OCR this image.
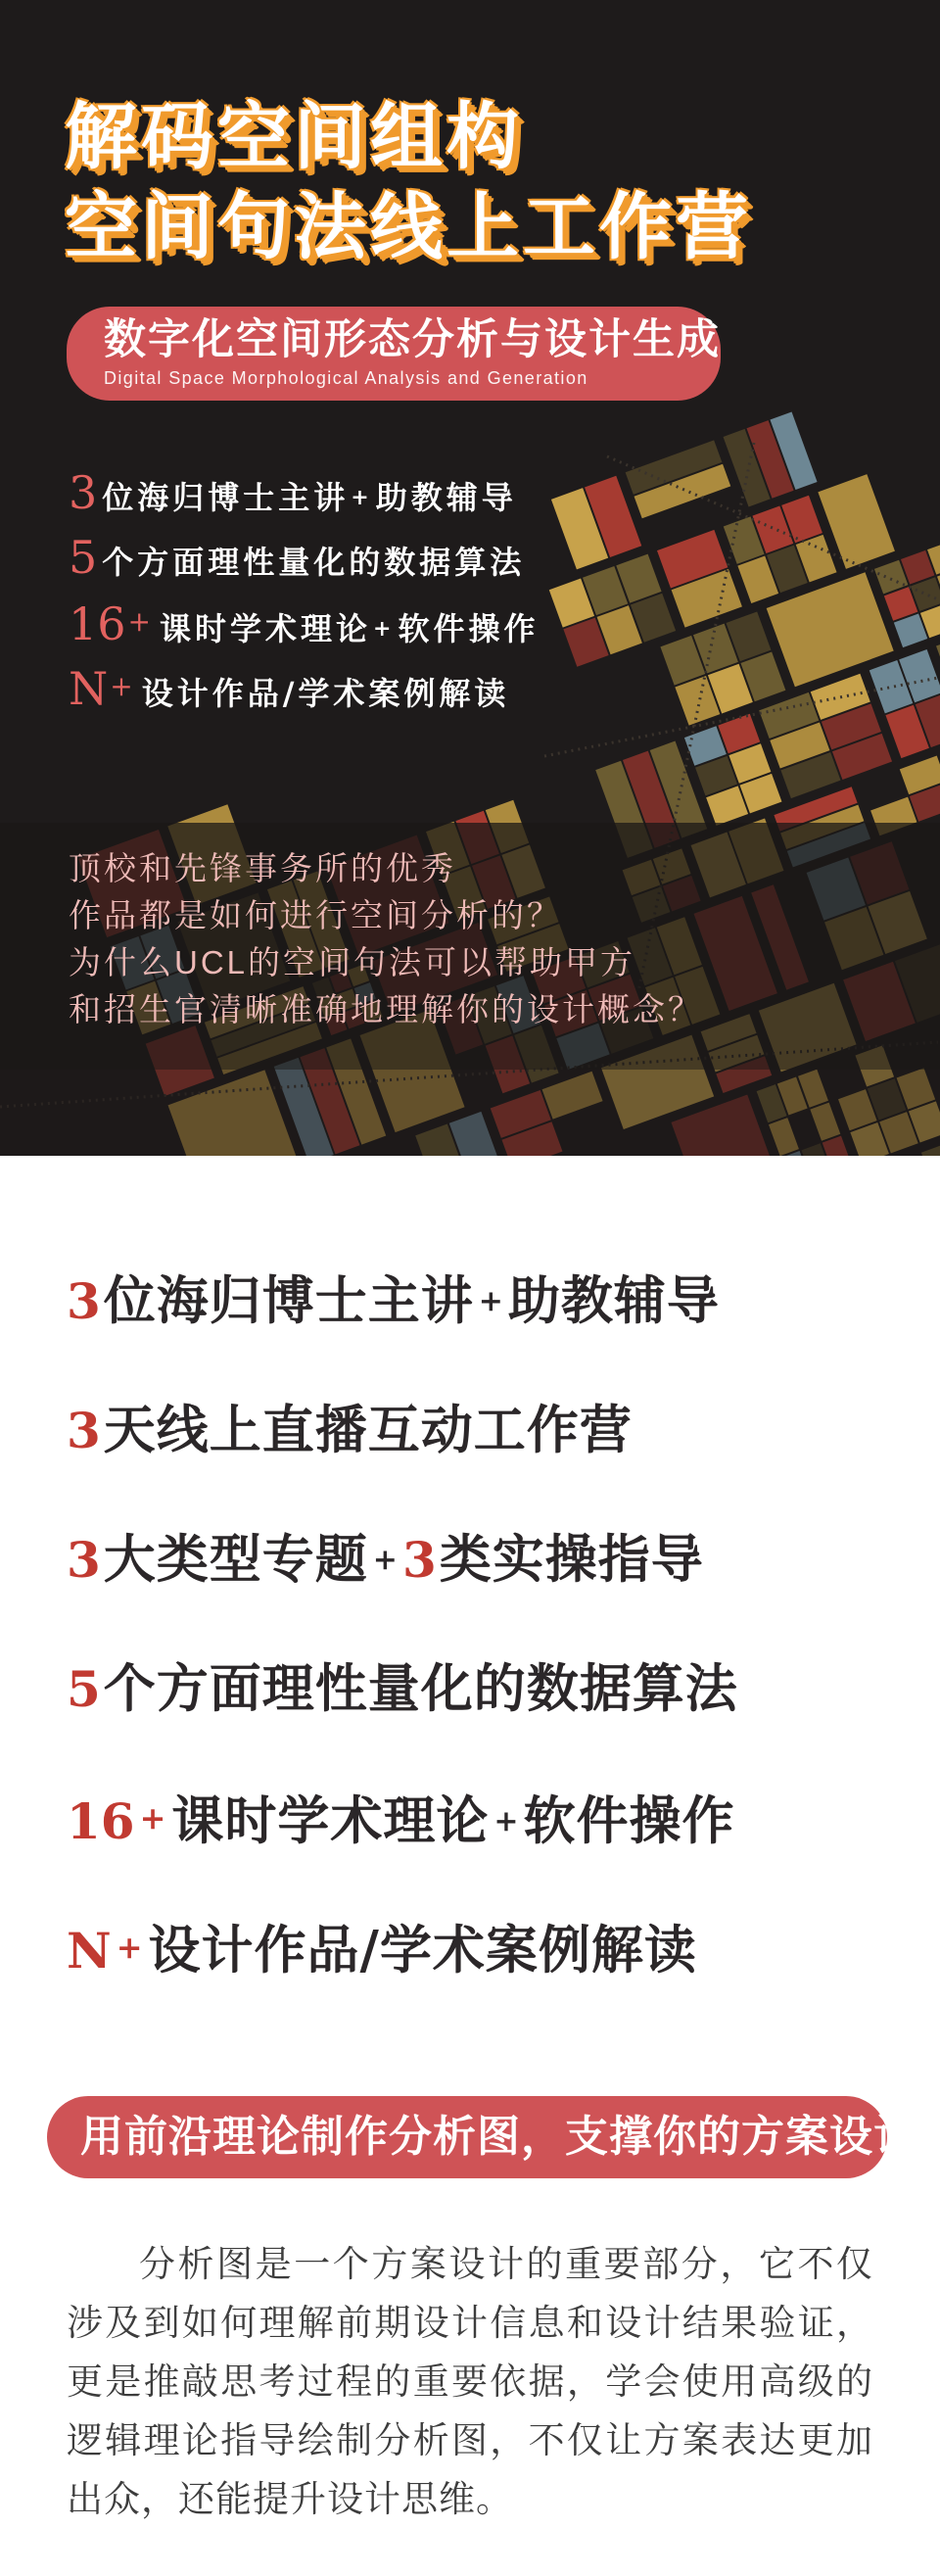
解码空间组构
空间句法线上工作营
数字化空间形态分析与设计生成
Digital Space Morphological Analysis and Generation
3 位海归博士主讲+ 助教辅导
5 个方面理性量化的数据算法
16+ 课时学术理论+ 软件操作
N+ 设计作品/学术案例解读
顶校和先锋事务所的优秀
作品都是如何进行空间分析的？
为什么UCL的空间句法可以帮助甲方
和招生官清晰准确地理解你的设计概念？
3位海归博士主讲 +助教辅导
3天线上直播互动工作营
3大类型专题 + 3类实操指导
5个方面理性量化的数据算法
16 + 课时学术理论 +软件操作
N + 设计作品/学术案例解读
用前沿理论制作分析图，支撑你的方案设计!
分析图是一个方案设计的重要部分，它不仅涉及到如何理解前期设计信息和设计结果验证，更是推敲思考过程的重要依据，学会使用高级的逻辑理论指导绘制分析图，不仅让方案表达更加出众，还能提升设计思维。
